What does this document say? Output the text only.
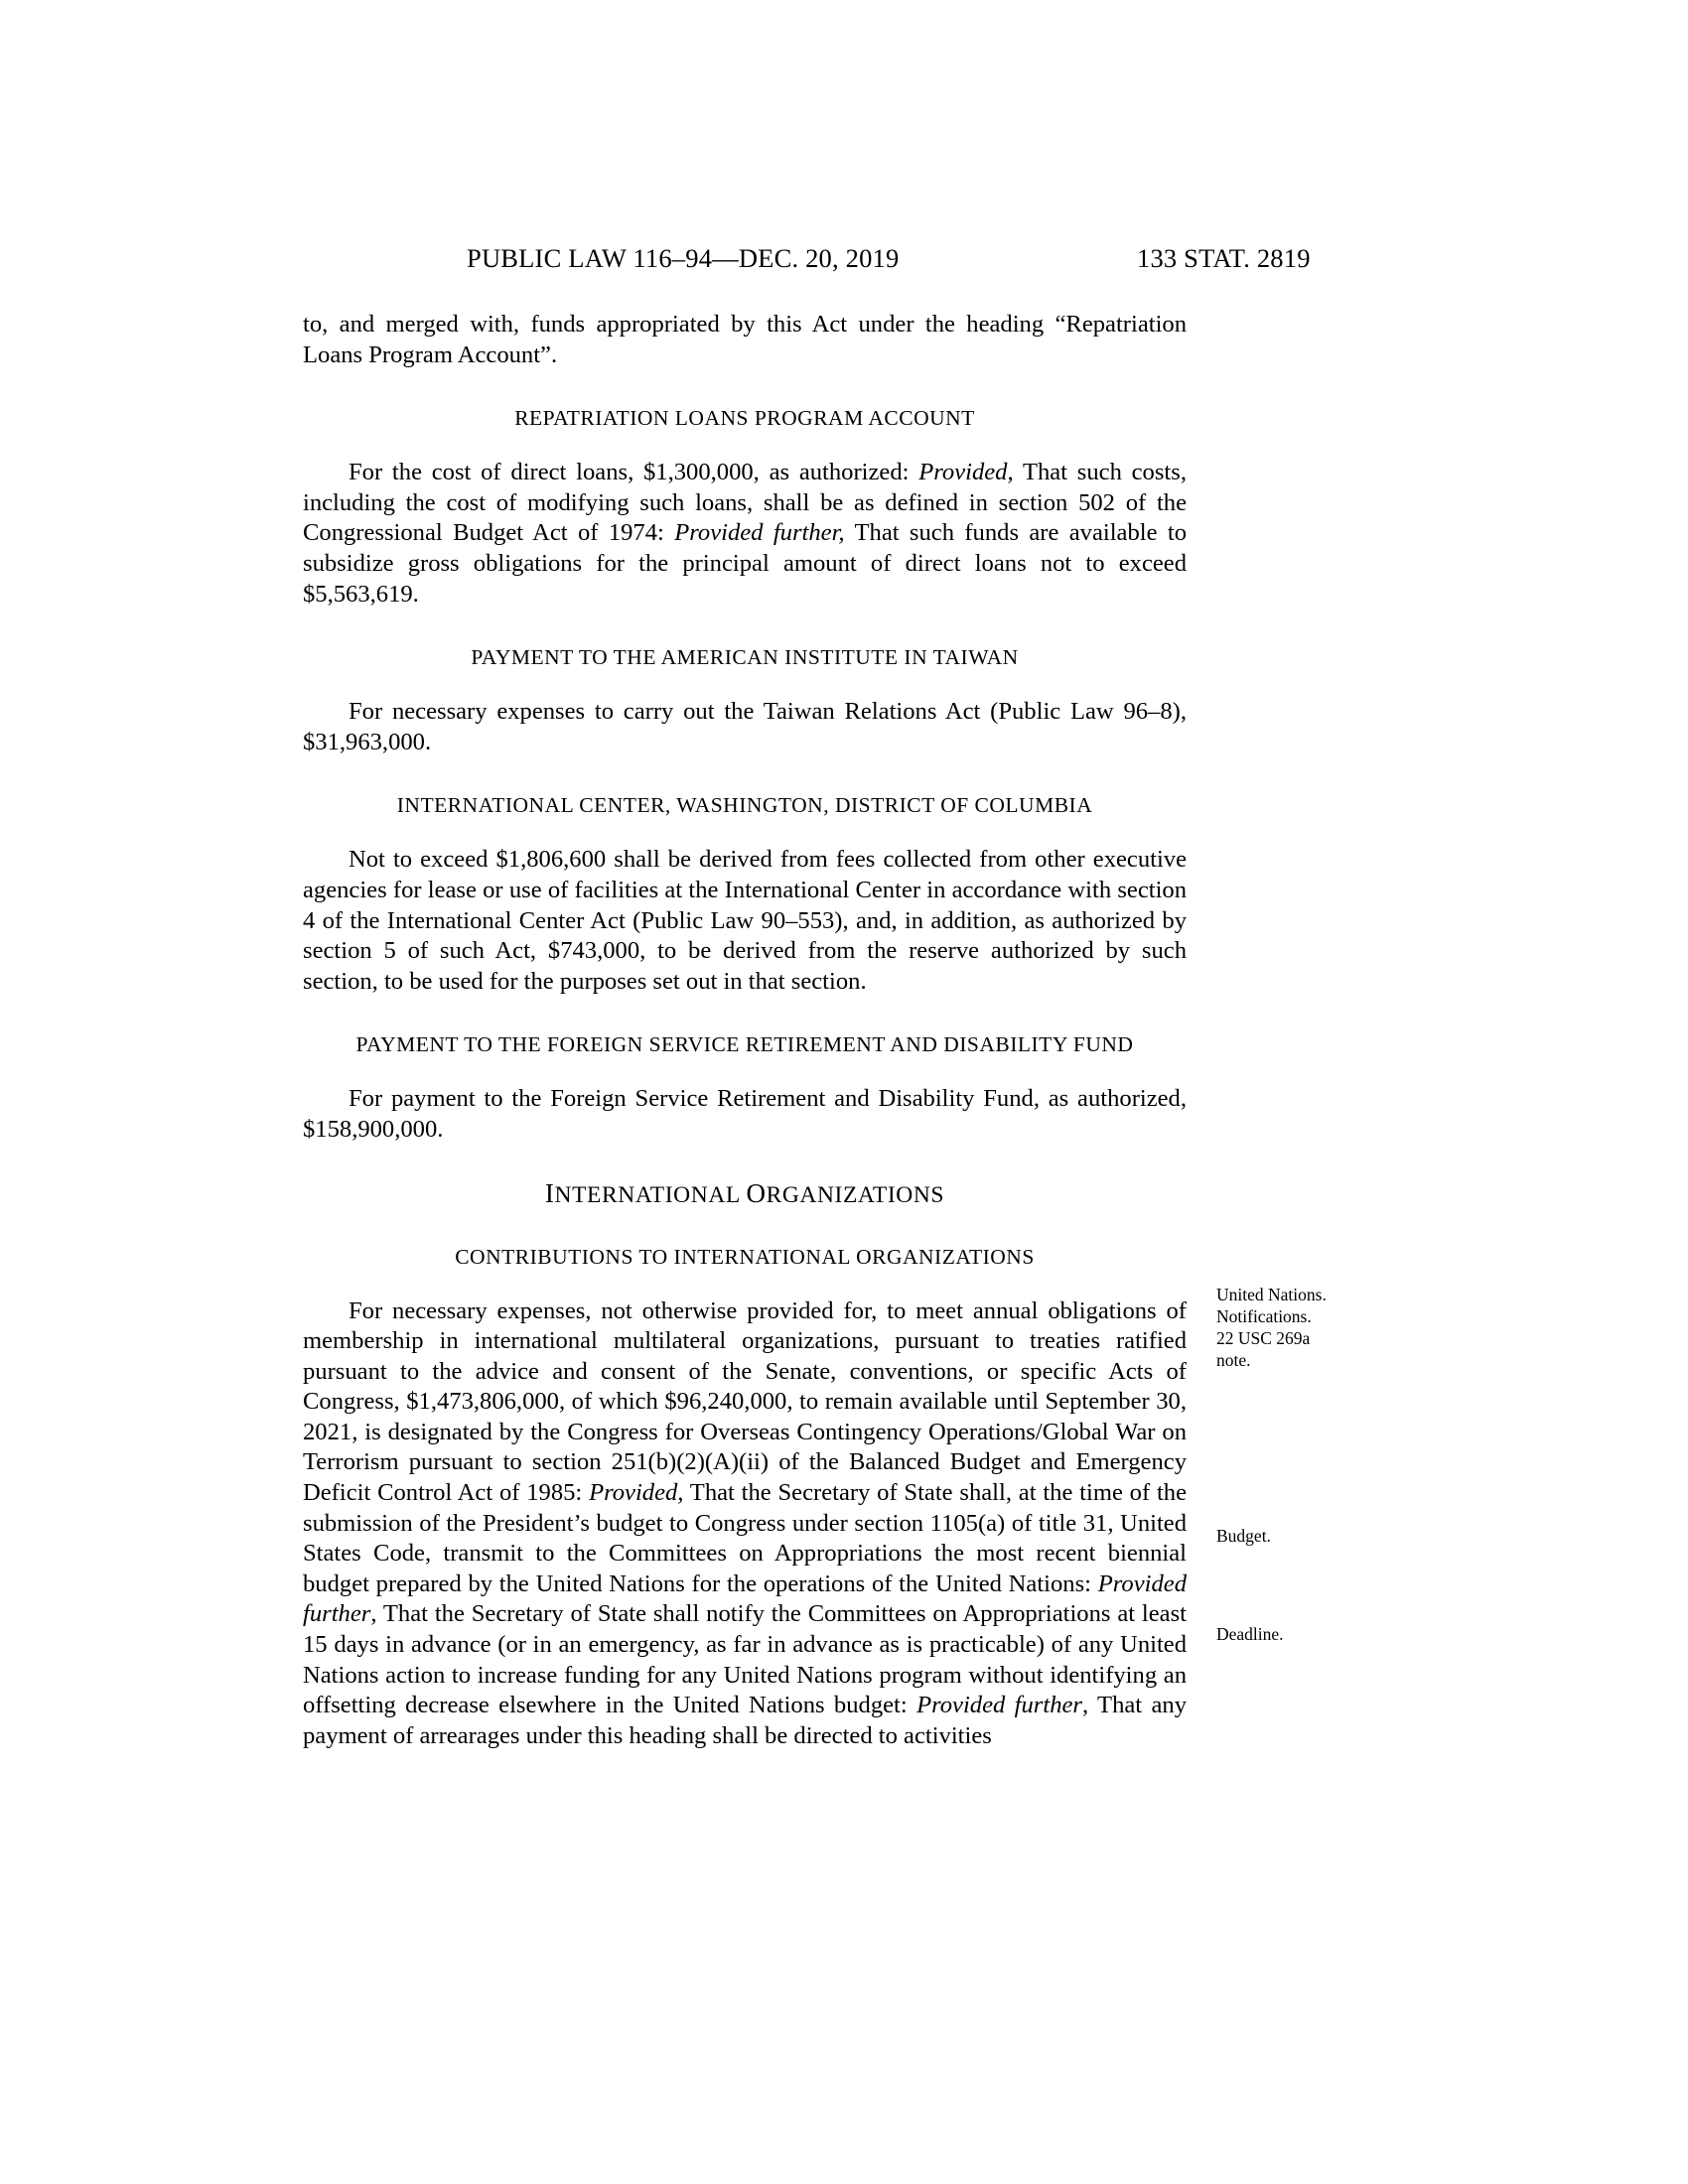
PUBLIC LAW 116–94—DEC. 20, 2019	133 STAT. 2819

to, and merged with, funds appropriated by this Act under the heading “Repatriation Loans Program Account”.

REPATRIATION LOANS PROGRAM ACCOUNT

For the cost of direct loans, $1,300,000, as authorized: Provided, That such costs, including the cost of modifying such loans, shall be as defined in section 502 of the Congressional Budget Act of 1974: Provided further, That such funds are available to subsidize gross obligations for the principal amount of direct loans not to exceed $5,563,619.

PAYMENT TO THE AMERICAN INSTITUTE IN TAIWAN

For necessary expenses to carry out the Taiwan Relations Act (Public Law 96–8), $31,963,000.

INTERNATIONAL CENTER, WASHINGTON, DISTRICT OF COLUMBIA

Not to exceed $1,806,600 shall be derived from fees collected from other executive agencies for lease or use of facilities at the International Center in accordance with section 4 of the International Center Act (Public Law 90–553), and, in addition, as authorized by section 5 of such Act, $743,000, to be derived from the reserve authorized by such section, to be used for the purposes set out in that section.

PAYMENT TO THE FOREIGN SERVICE RETIREMENT AND DISABILITY FUND

For payment to the Foreign Service Retirement and Disability Fund, as authorized, $158,900,000.

INTERNATIONAL ORGANIZATIONS
CONTRIBUTIONS TO INTERNATIONAL ORGANIZATIONS

For necessary expenses, not otherwise provided for, to meet annual obligations of membership in international multilateral organizations, pursuant to treaties ratified pursuant to the advice and consent of the Senate, conventions, or specific Acts of Congress, $1,473,806,000, of which $96,240,000, to remain available until September 30, 2021, is designated by the Congress for Overseas Contingency Operations/Global War on Terrorism pursuant to section 251(b)(2)(A)(ii) of the Balanced Budget and Emergency Deficit Control Act of 1985: Provided, That the Secretary of State shall, at the time of the submission of the President’s budget to Congress under section 1105(a) of title 31, United States Code, transmit to the Committees on Appropriations the most recent biennial budget prepared by the United Nations for the operations of the United Nations: Provided further, That the Secretary of State shall notify the Committees on Appropriations at least 15 days in advance (or in an emergency, as far in advance as is practicable) of any United Nations action to increase funding for any United Nations program without identifying an offsetting decrease elsewhere in the United Nations budget: Provided further, That any payment of arrearages under this heading shall be directed to activities

United Nations.
Notifications.
22 USC 269a
note.
Budget.
Deadline.
